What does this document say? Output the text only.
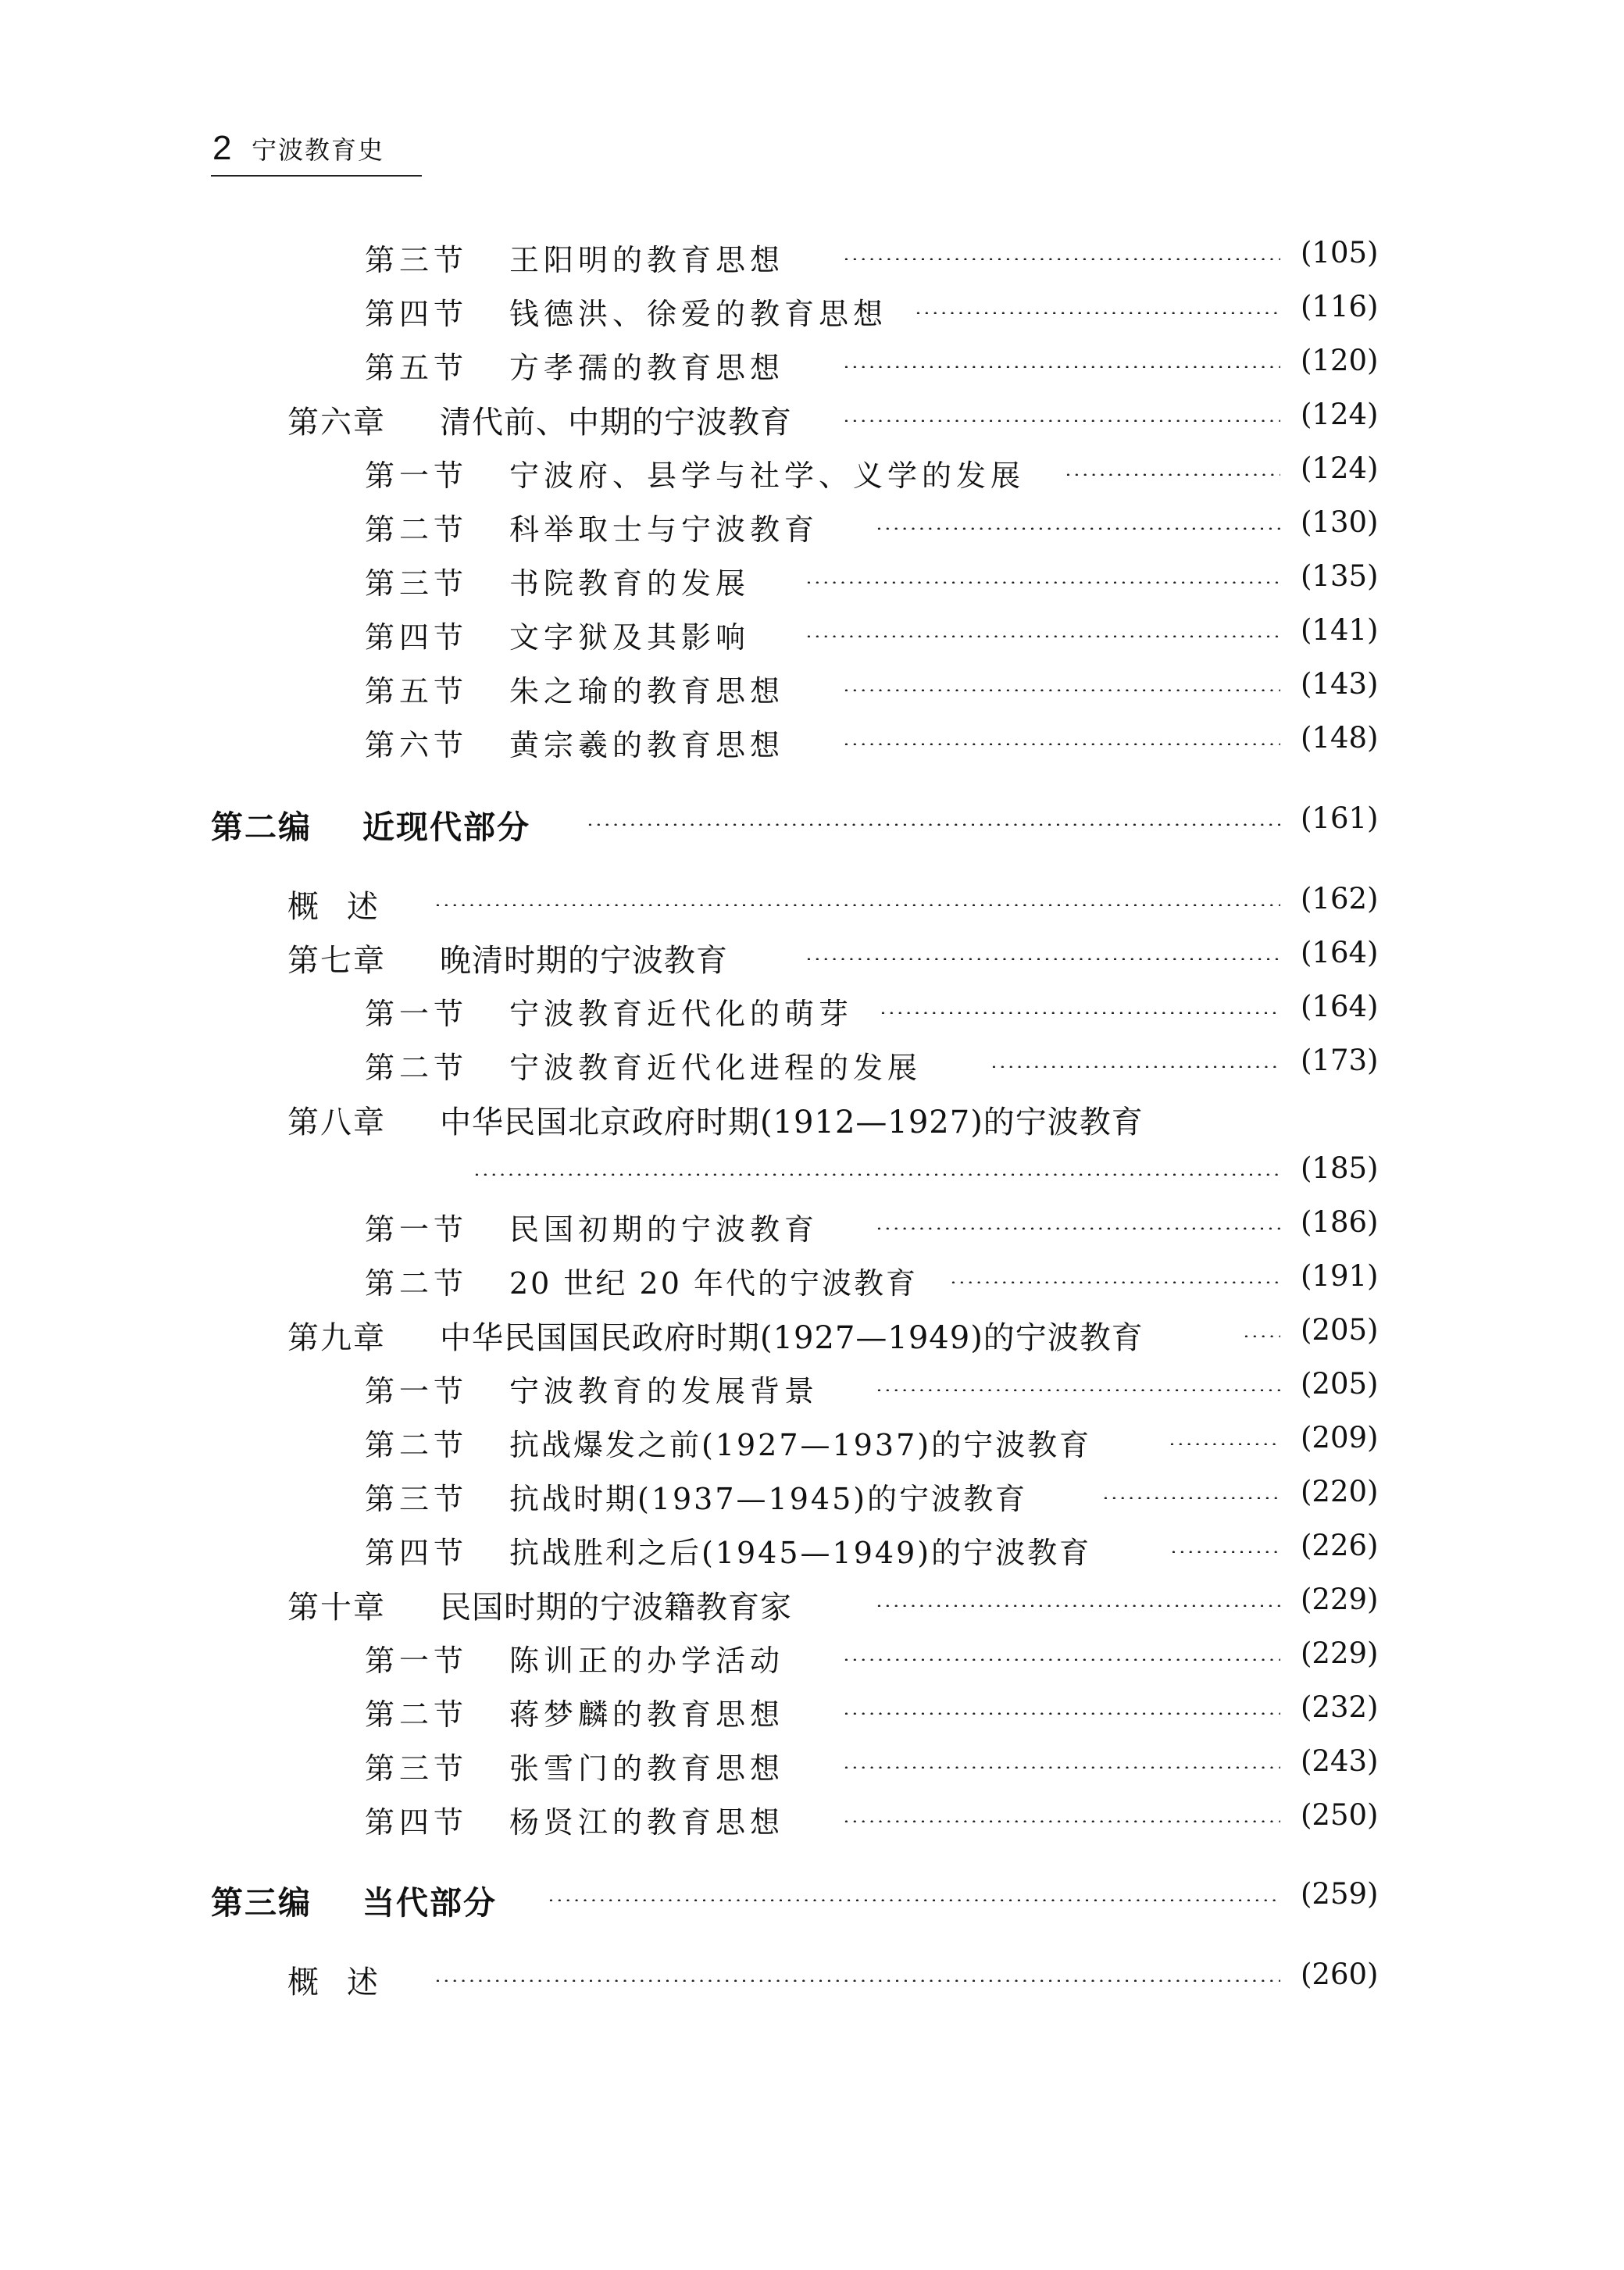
2 宁波教育史
第三节 王阳明的教育思想	(105)
第四节 钱德洪、徐爱的教育思想	(116)
第五节 方孝孺的教育思想	(120)
第六章 清代前、中期的宁波教育	(124)
第一节 宁波府、县学与社学、义学的发展	(124)
第二节 科举取士与宁波教育	(130)
第三节 书院教育的发展	(135)
第四节 文字狱及其影响	(141)
第五节 朱之瑜的教育思想	(143)
第六节 黄宗羲的教育思想	(148)
第二编 近现代部分	(161)
概述	(162)
第七章 晚清时期的宁波教育	(164)
第一节 宁波教育近代化的萌芽	(164)
第二节 宁波教育近代化进程的发展	(173)
第八章 中华民国北京政府时期(1912—1927)的宁波教育
(185)
第一节 民国初期的宁波教育	(186)
第二节 20 世纪 20 年代的宁波教育	(191)
第九章 中华民国国民政府时期(1927—1949)的宁波教育	(205)
第一节 宁波教育的发展背景	(205)
第二节 抗战爆发之前(1927—1937)的宁波教育	(209)
第三节 抗战时期(1937—1945)的宁波教育	(220)
第四节 抗战胜利之后(1945—1949)的宁波教育	(226)
第十章 民国时期的宁波籍教育家	(229)
第一节 陈训正的办学活动	(229)
第二节 蒋梦麟的教育思想	(232)
第三节 张雪门的教育思想	(243)
第四节 杨贤江的教育思想	(250)
第三编 当代部分	(259)
概述	(260)
